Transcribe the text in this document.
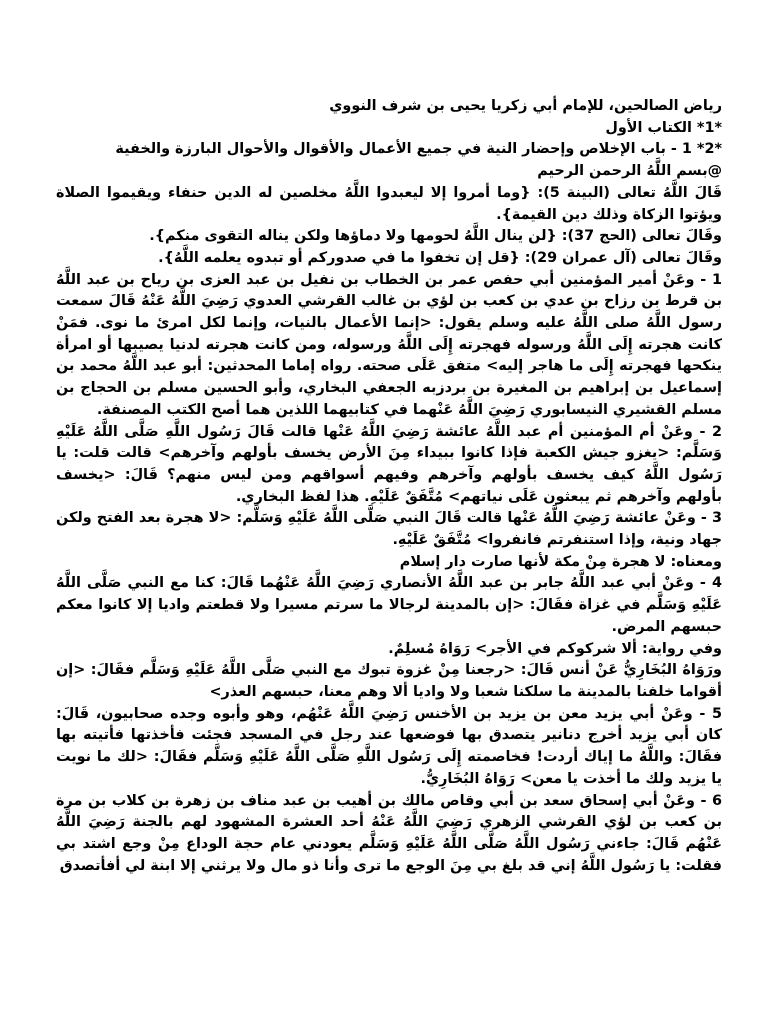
رياض الصالحين، للإمام أبي زكريا يحيى بن شرف النووي

*1* الكتاب الأول

*2* 1 - باب الإخلاص وإحضار النية في جميع الأعمال والأقوال والأحوال البارزة والخفية

@بسم اللَّهُ الرحمن الرحيم

قَالَ اللَّهُ تعالى (البينة 5): {وما أمروا إلا ليعبدوا اللَّهُ مخلصين له الدين حنفاء ويقيموا الصلاة ويؤتوا الزكاة وذلك دين القيمة}.

وقَالَ تعالى (الحج 37): {لن ينال اللَّهُ لحومها ولا دماؤها ولكن يناله التقوى منكم}.

وقَالَ تعالى (آل عمران 29): {قل إن تخفوا ما في صدوركم أو تبدوه يعلمه اللَّهُ}.

1 - وعَنْ أمير المؤمنين أبي حفص عمر بن الخطاب بن نفيل بن عبد العزى بن رياح بن عبد اللَّهُ بن قرط بن رزاح بن عدي بن كعب بن لؤي بن غالب القرشي العدوي رَضِيَ اللَّهُ عَنْهُ قَالَ سمعت رسول اللَّهُ صلى اللَّهُ عليه وسلم يقول: <إنما الأعمال بالنيات، وإنما لكل امرئ ما نوى. فمَنْ كانت هجرته إِلَى اللَّهُ ورسوله فهجرته إِلَى اللَّهُ ورسوله، ومن كانت هجرته لدنيا يصيبها أو امرأة ينكحها فهجرته إِلَى ما هاجر إليه> متفق عَلَى صحته. رواه إماما المحدثين: أبو عبد اللَّهُ محمد بن إسماعيل بن إبراهيم بن المغيرة بن بردزبه الجعفي البخاري، وأبو الحسين مسلم بن الحجاج بن مسلم القشيري النيسابوري رَضِيَ اللَّهُ عَنْهما في كتابيهما اللذين هما أصح الكتب المصنفة.

2 - وعَنْ أم المؤمنين أم عبد اللَّهُ عائشة رَضِيَ اللَّهُ عَنْها قالت قَالَ رَسُول اللَّهِ صَلَّى اللَّهُ عَلَيْهِ وَسَلَّم: <يغزو جيش الكعبة فإذا كانوا ببيداء مِنَ الأرض يخسف بأولهم وآخرهم> قالت قلت: يا رَسُول اللَّهُ كيف يخسف بأولهم وآخرهم وفيهم أسواقهم ومن ليس منهم؟ قَالَ: <يخسف بأولهم وآخرهم ثم يبعثون عَلَى نياتهم> مُتَّفَقٌ عَلَيْهِ. هذا لفظ البخاري.

3 - وعَنْ عائشة رَضِيَ اللَّهُ عَنْها قالت قَالَ النبي صَلَّى اللَّهُ عَلَيْهِ وَسَلَّم: <لا هجرة بعد الفتح ولكن جهاد ونية، وإذا استنفرتم فانفروا> مُتَّفَقٌ عَلَيْهِ.

ومعناه: لا هجرة مِنْ مكة لأنها صارت دار إسلام

4 - وعَنْ أبي عبد اللَّهُ جابر بن عبد اللَّهُ الأنصاري رَضِيَ اللَّهُ عَنْهُما قَالَ: كنا مع النبي صَلَّى اللَّهُ عَلَيْهِ وَسَلَّم في غزاة فقَالَ: <إن بالمدينة لرجالا ما سرتم مسيرا ولا قطعتم واديا إلا كانوا معكم حبسهم المرض.

وفي رواية: ألا شركوكم في الأجر> رَوَاهُ مُسلِمٌ.

ورَوَاهُ البُخَارِيُّ عَنْ أنس قَالَ: <رجعنا مِنْ غزوة تبوك مع النبي صَلَّى اللَّهُ عَلَيْهِ وَسَلَّم فقَالَ: <إن أقواما خلفنا بالمدينة ما سلكنا شعبا ولا واديا ألا وهم معنا، حبسهم العذر>

5 - وعَنْ أبي يزيد معن بن يزيد بن الأخنس رَضِيَ اللَّهُ عَنْهُم، وهو وأبوه وجده صحابيون، قَالَ: كان أبي يزيد أخرج دنانير يتصدق بها فوضعها عند رجل في المسجد فجئت فأخذتها فأتيته بها فقَالَ: واللَّهُ ما إياك أردت! فخاصمته إِلَى رَسُول اللَّهِ صَلَّى اللَّهُ عَلَيْهِ وَسَلَّم فقَالَ: <لك ما نويت يا يزيد ولك ما أخذت يا معن> رَوَاهُ البُخَارِيُّ.

6 - وعَنْ أبي إسحاق سعد بن أبي وقاص مالك بن أهيب بن عبد مناف بن زهرة بن كلاب بن مرة بن كعب بن لؤي القرشي الزهري رَضِيَ اللَّهُ عَنْهُ أحد العشرة المشهود لهم بالجنة رَضِيَ اللَّهُ عَنْهُم قَالَ: جاءني رَسُول اللَّهُ صَلَّى اللَّهُ عَلَيْهِ وَسَلَّم يعودني عام حجة الوداع مِنْ وجع اشتد بي فقلت: يا رَسُول اللَّهُ إني قد بلغ بي مِنَ الوجع ما ترى وأنا ذو مال ولا يرثني إلا ابنة لي أفأتصدق
